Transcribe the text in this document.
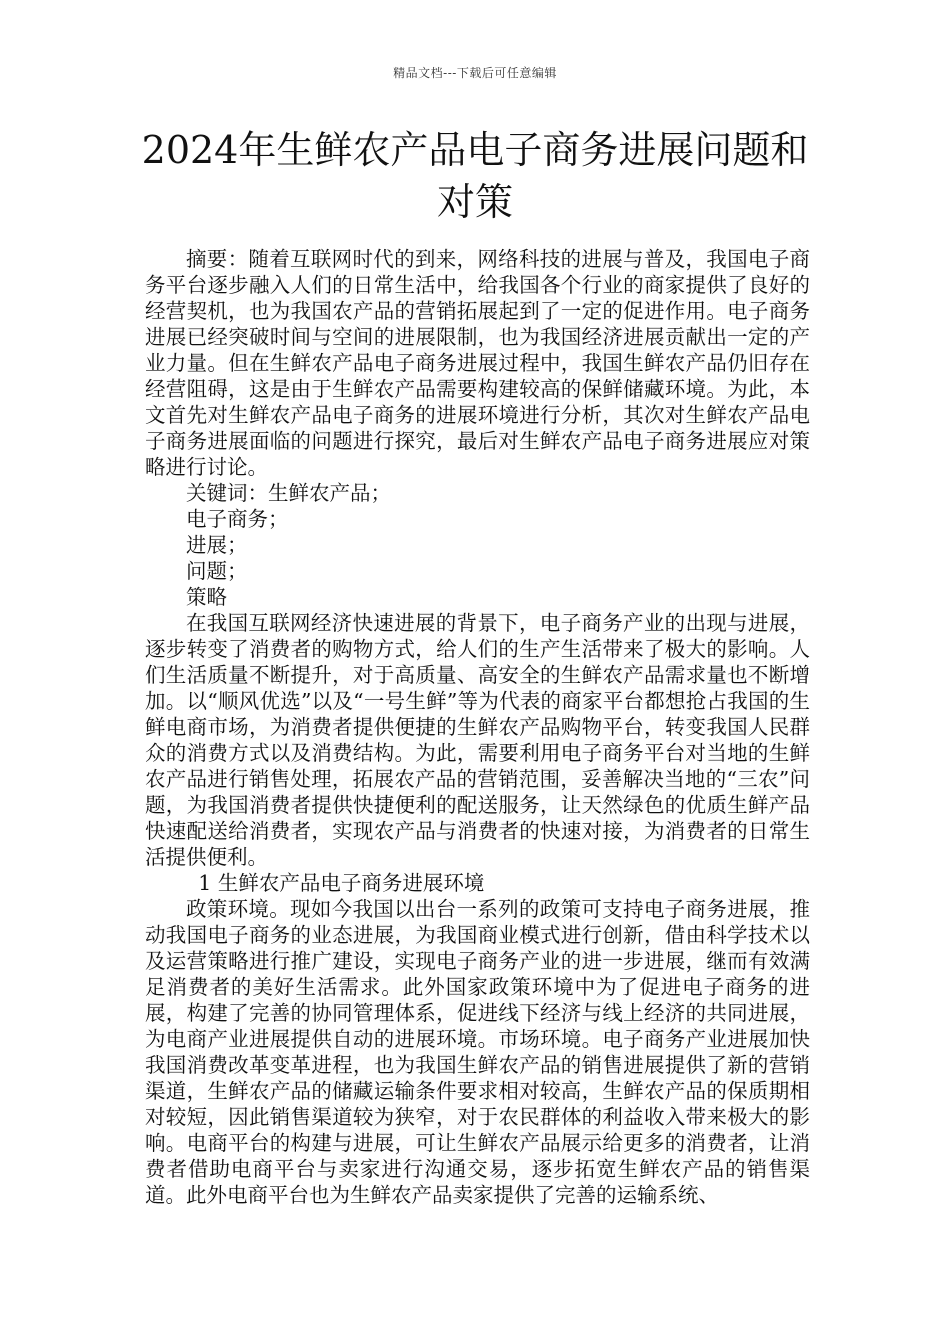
精品文档---下载后可任意编辑
2024年生鲜农产品电子商务进展问题和对策

摘要：随着互联网时代的到来，网络科技的进展与普及，我国电子商务平台逐步融入人们的日常生活中，给我国各个行业的商家提供了良好的经营契机，也为我国农产品的营销拓展起到了一定的促进作用。电子商务进展已经突破时间与空间的进展限制，也为我国经济进展贡献出一定的产业力量。但在生鲜农产品电子商务进展过程中，我国生鲜农产品仍旧存在经营阻碍，这是由于生鲜农产品需要构建较高的保鲜储藏环境。为此，本文首先对生鲜农产品电子商务的进展环境进行分析，其次对生鲜农产品电子商务进展面临的问题进行探究，最后对生鲜农产品电子商务进展应对策略进行讨论。

关键词：生鲜农产品；

电子商务；

进展；

问题；

策略

在我国互联网经济快速进展的背景下，电子商务产业的出现与进展，逐步转变了消费者的购物方式，给人们的生产生活带来了极大的影响。人们生活质量不断提升，对于高质量、高安全的生鲜农产品需求量也不断增加。以“顺风优选”以及“一号生鲜”等为代表的商家平台都想抢占我国的生鲜电商市场，为消费者提供便捷的生鲜农产品购物平台，转变我国人民群众的消费方式以及消费结构。为此，需要利用电子商务平台对当地的生鲜农产品进行销售处理，拓展农产品的营销范围，妥善解决当地的“三农”问题，为我国消费者提供快捷便利的配送服务，让天然绿色的优质生鲜产品快速配送给消费者，实现农产品与消费者的快速对接，为消费者的日常生活提供便利。

1 生鲜农产品电子商务进展环境

政策环境。现如今我国以出台一系列的政策可支持电子商务进展，推动我国电子商务的业态进展，为我国商业模式进行创新，借由科学技术以及运营策略进行推广建设，实现电子商务产业的进一步进展，继而有效满足消费者的美好生活需求。此外国家政策环境中为了促进电子商务的进展，构建了完善的协同管理体系，促进线下经济与线上经济的共同进展，为电商产业进展提供自动的进展环境。市场环境。电子商务产业进展加快我国消费改革变革进程，也为我国生鲜农产品的销售进展提供了新的营销渠道，生鲜农产品的储藏运输条件要求相对较高，生鲜农产品的保质期相对较短，因此销售渠道较为狭窄，对于农民群体的利益收入带来极大的影响。电商平台的构建与进展，可让生鲜农产品展示给更多的消费者，让消费者借助电商平台与卖家进行沟通交易，逐步拓宽生鲜农产品的销售渠道。此外电商平台也为生鲜农产品卖家提供了完善的运输系统、
